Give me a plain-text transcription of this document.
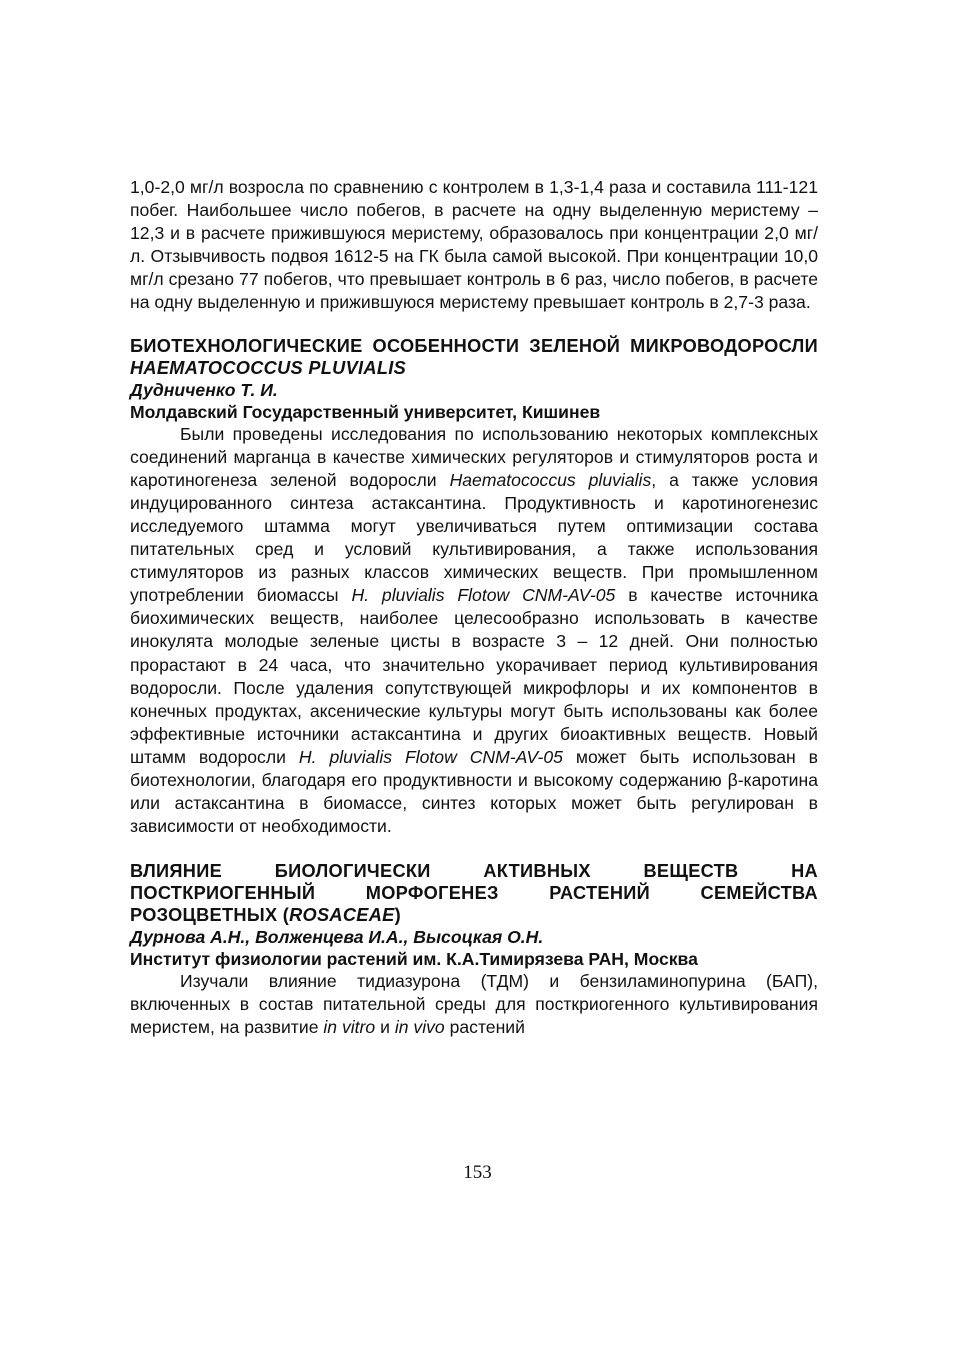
1,0-2,0 мг/л возросла по сравнению с контролем в 1,3-1,4 раза и составила 111-121 побег. Наибольшее число побегов, в расчете на одну выделенную меристему – 12,3 и в расчете прижившуюся меристему, образовалось при концентрации 2,0 мг/л. Отзывчивость подвоя 1612-5 на ГК была самой высокой. При концентрации 10,0 мг/л срезано 77 побегов, что превышает контроль в 6 раз, число побегов, в расчете на одну выделенную и прижившуюся меристему превышает контроль в 2,7-3 раза.

БИОТЕХНОЛОГИЧЕСКИЕ ОСОБЕННОСТИ ЗЕЛЕНОЙ МИКРОВОДОРОСЛИ HAEMATOCOCCUS PLUVIALIS
Дудниченко Т. И.
Молдавский Государственный университет, Кишинев

Были проведены исследования по использованию некоторых комплексных соединений марганца в качестве химических регуляторов и стимуляторов роста и каротиногенеза зеленой водоросли Haematococcus pluvialis, а также условия индуцированного синтеза астаксантина. Продуктивность и каротиногенезис исследуемого штамма могут увеличиваться путем оптимизации состава питательных сред и условий культивирования, а также использования стимуляторов из разных классов химических веществ. При промышленном употреблении биомассы H. pluvialis Flotow CNM-AV-05 в качестве источника биохимических веществ, наиболее целесообразно использовать в качестве инокулята молодые зеленые цисты в возрасте 3 – 12 дней. Они полностью прорастают в 24 часа, что значительно укорачивает период культивирования водоросли. После удаления сопутствующей микрофлоры и их компонентов в конечных продуктах, аксенические культуры могут быть использованы как более эффективные источники астаксантина и других биоактивных веществ. Новый штамм водоросли H. pluvialis Flotow CNM-AV-05 может быть использован в биотехнологии, благодаря его продуктивности и высокому содержанию β-каротина или астаксантина в биомассе, синтез которых может быть регулирован в зависимости от необходимости.

ВЛИЯНИЕ БИОЛОГИЧЕСКИ АКТИВНЫХ ВЕЩЕСТВ НА ПОСТКРИОГЕННЫЙ МОРФОГЕНЕЗ РАСТЕНИЙ СЕМЕЙСТВА РОЗОЦВЕТНЫХ (ROSACEAE)
Дурнова А.Н., Волженцева И.А., Высоцкая О.Н.
Институт физиологии растений им. К.А.Тимирязева РАН, Москва

Изучали влияние тидиазурона (ТДМ) и бензиламинопурина (БАП), включенных в состав питательной среды для посткриогенного культивирования меристем, на развитие in vitro и in vivo растений

153
